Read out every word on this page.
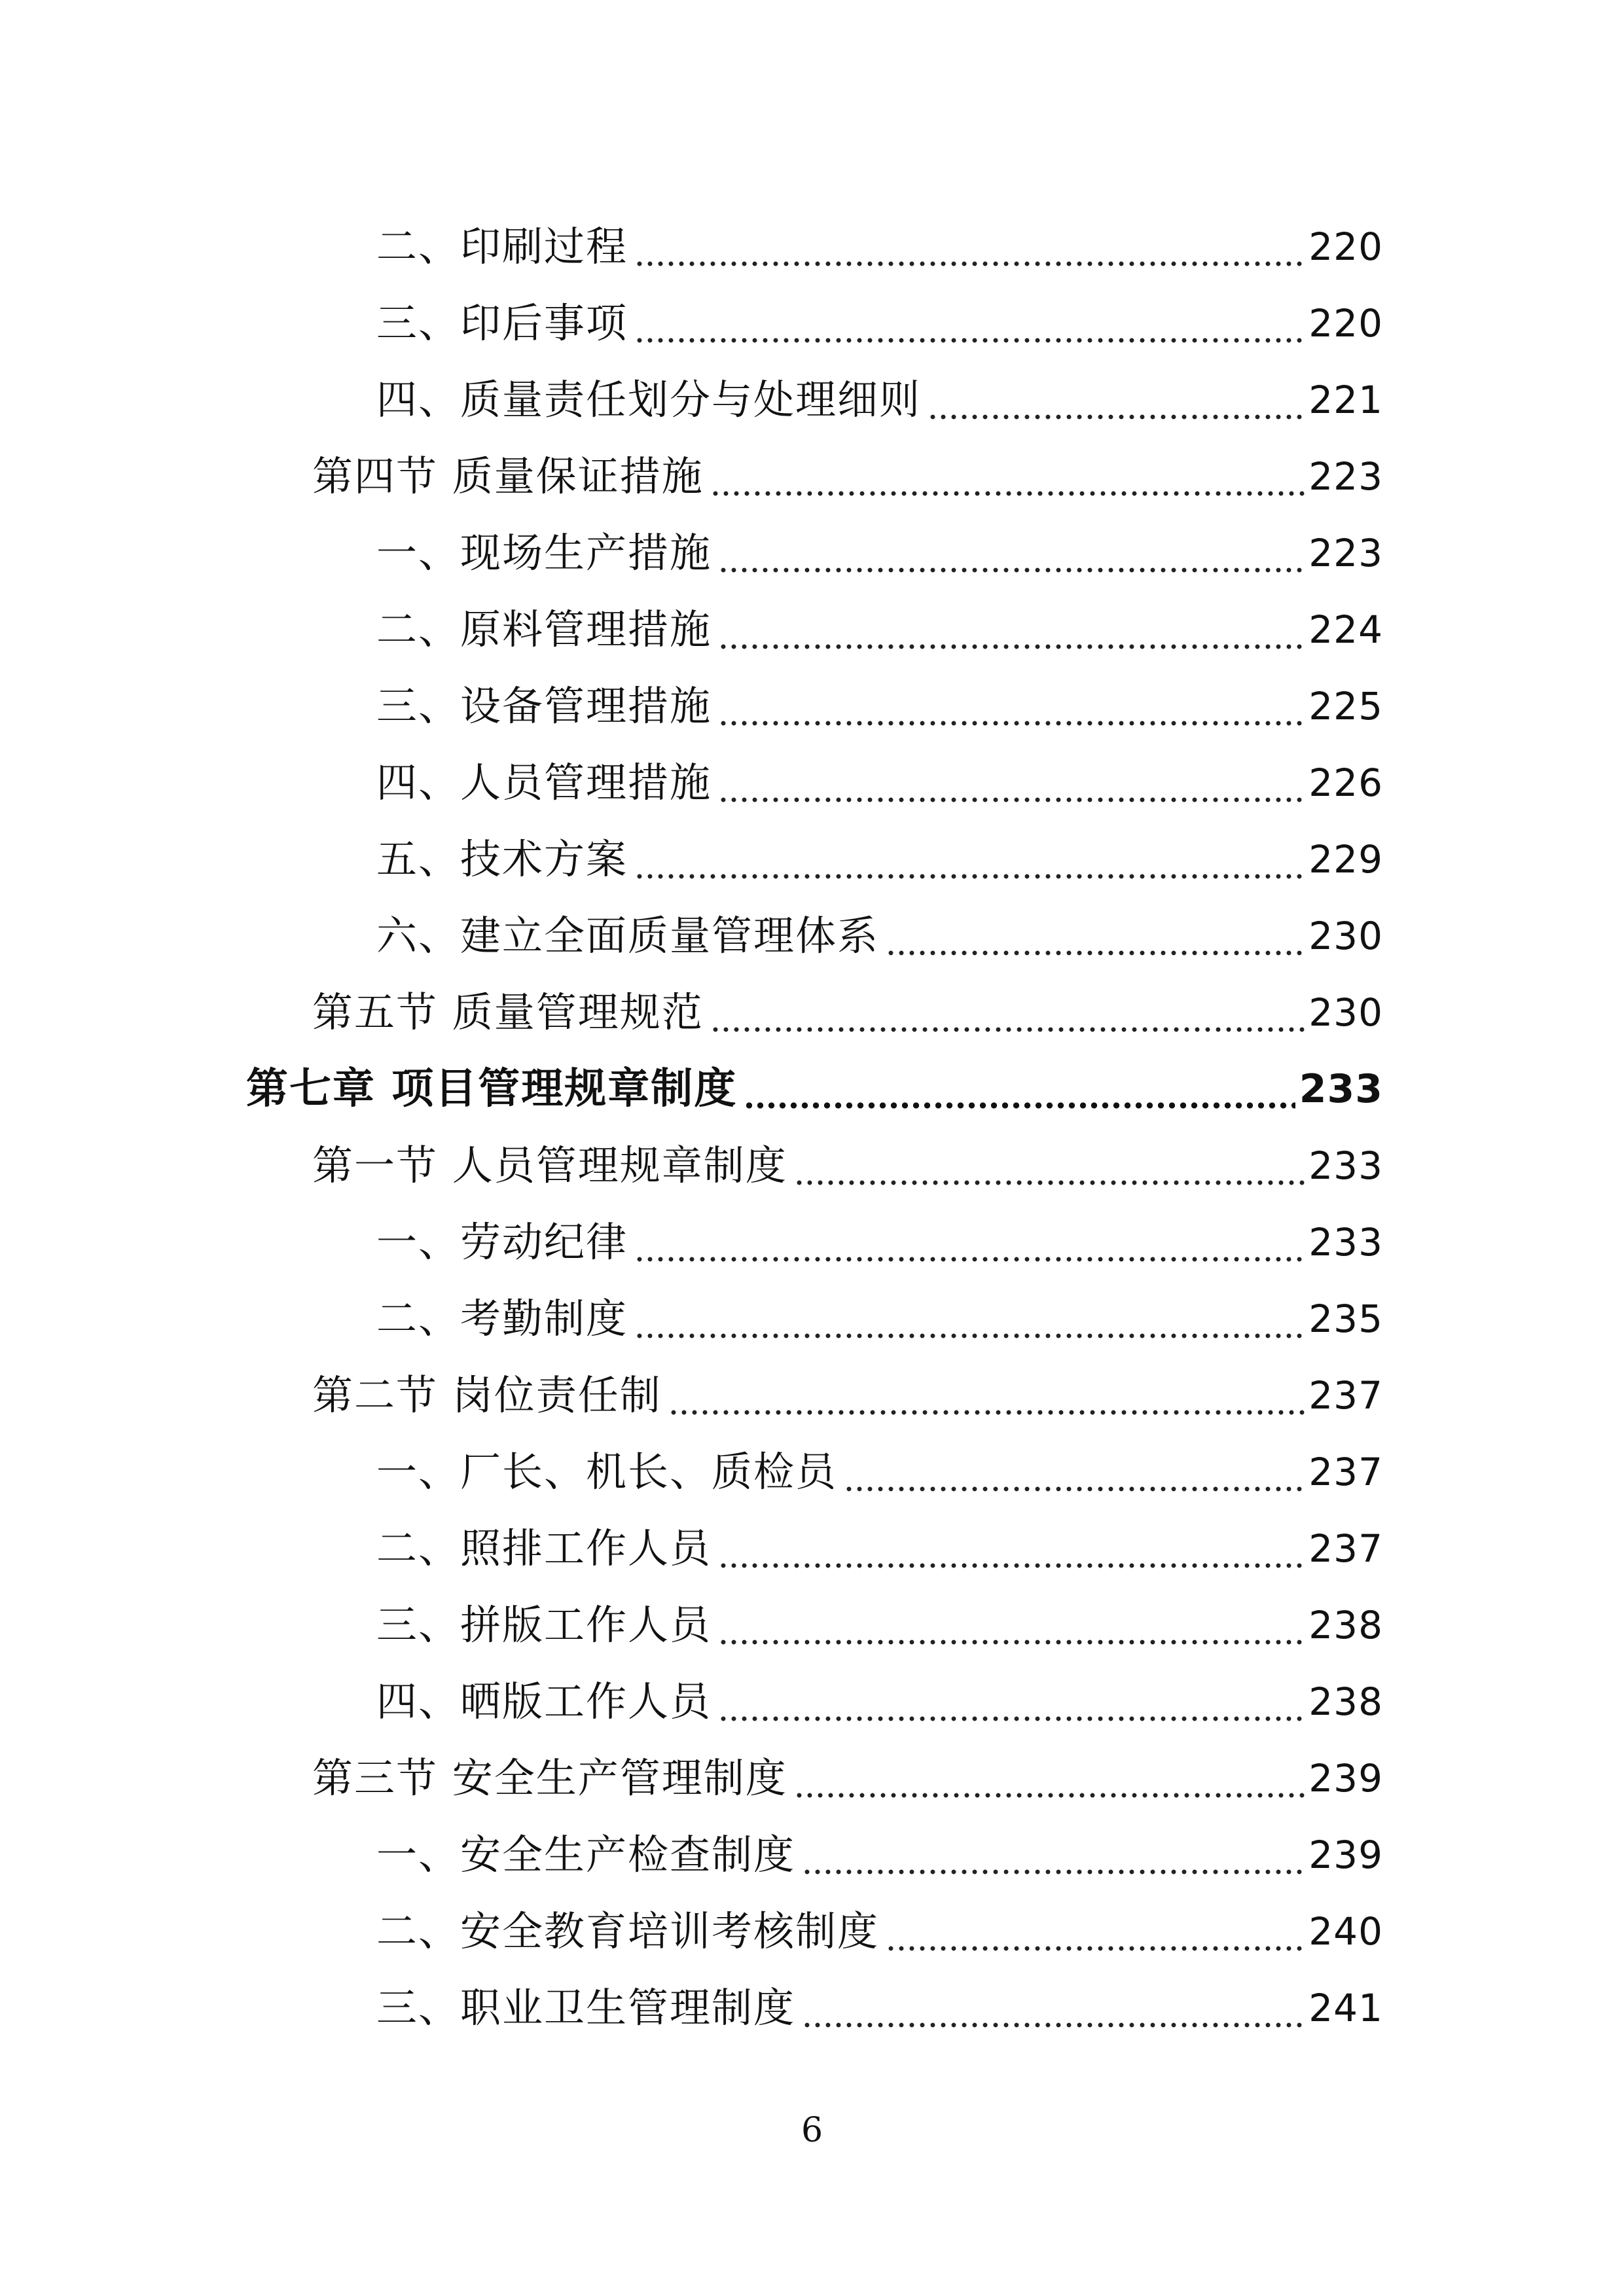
二、印刷过程	220
三、印后事项	220
四、质量责任划分与处理细则	221
第四节 质量保证措施	223
一、现场生产措施	223
二、原料管理措施	224
三、设备管理措施	225
四、人员管理措施	226
五、技术方案	229
六、建立全面质量管理体系	230
第五节 质量管理规范	230
第七章 项目管理规章制度	233
第一节 人员管理规章制度	233
一、劳动纪律	233
二、考勤制度	235
第二节 岗位责任制	237
一、厂长、机长、质检员	237
二、照排工作人员	237
三、拼版工作人员	238
四、晒版工作人员	238
第三节 安全生产管理制度	239
一、安全生产检查制度	239
二、安全教育培训考核制度	240
三、职业卫生管理制度	241
6
